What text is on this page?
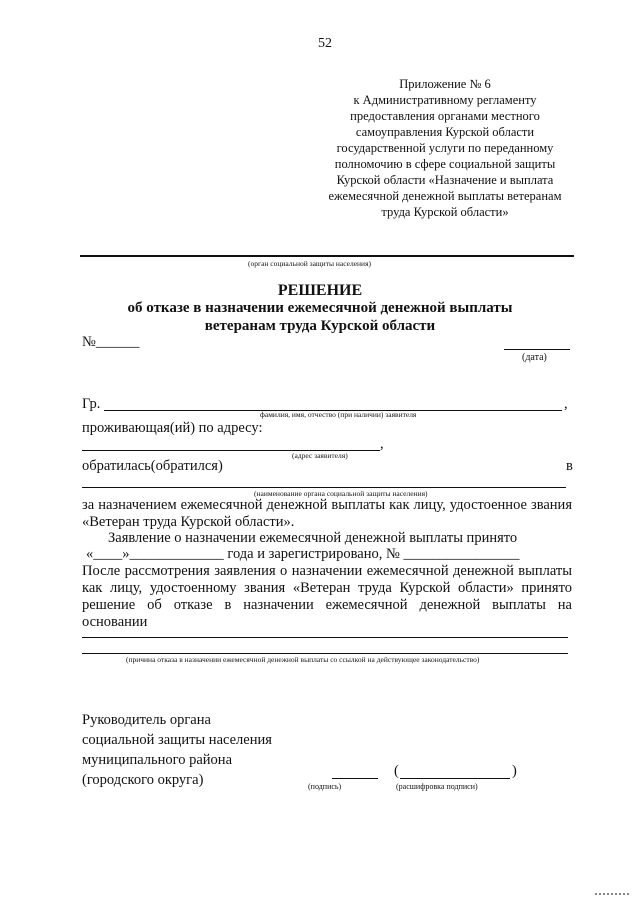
52
Приложение № 6
к Административному регламенту
предоставления органами местного
самоуправления Курской области
государственной услуги по переданному
полномочию в сфере социальной защиты
Курской области «Назначение и выплата
ежемесячной денежной выплаты ветеранам
труда Курской области»
(орган социальной защиты населения)
РЕШЕНИЕ
об отказе в назначении ежемесячной денежной выплаты
ветеранам труда Курской области
№______
(дата)
Гр.	,
фамилия, имя, отчество (при наличии) заявителя
проживающая(ий) по адресу:
,
(адрес заявителя)
обратилась(обратился)	в
(наименование органа социальной защиты населения)
за назначением ежемесячной денежной выплаты как лицу, удостоенное звания «Ветеран труда Курской области».
Заявление о назначении ежемесячной денежной выплаты принято
«____»_____________ года и зарегистрировано, № ________________
После рассмотрения заявления о назначении ежемесячной денежной выплаты как лицу, удостоенному звания «Ветеран труда Курской области» принято решение об отказе в назначении ежемесячной денежной выплаты на основании
(причина отказа в назначении ежемесячной денежной выплаты со ссылкой на действующее законодательство)
Руководитель органа
социальной защиты населения
муниципального района
(городского округа)	(подпись)
(	)
(расшифровка подписи)
